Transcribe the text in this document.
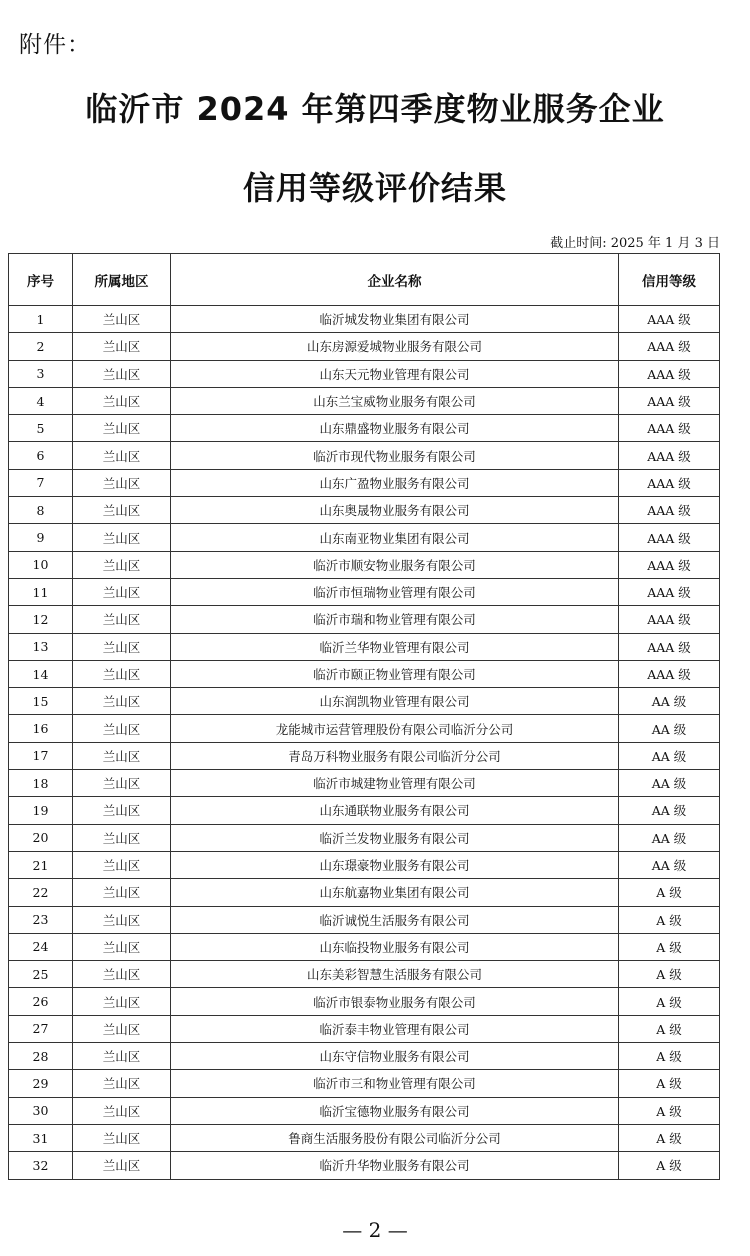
附件：
临沂市 2024 年第四季度物业服务企业
信用等级评价结果
截止时间: 2025 年 1 月 3 日
序号	所属地区	企业名称	信用等级
1	兰山区	临沂城发物业集团有限公司	AAA 级
2	兰山区	山东房源爱城物业服务有限公司	AAA 级
3	兰山区	山东天元物业管理有限公司	AAA 级
4	兰山区	山东兰宝威物业服务有限公司	AAA 级
5	兰山区	山东鼎盛物业服务有限公司	AAA 级
6	兰山区	临沂市现代物业服务有限公司	AAA 级
7	兰山区	山东广盈物业服务有限公司	AAA 级
8	兰山区	山东奥晟物业服务有限公司	AAA 级
9	兰山区	山东南亚物业集团有限公司	AAA 级
10	兰山区	临沂市顺安物业服务有限公司	AAA 级
11	兰山区	临沂市恒瑞物业管理有限公司	AAA 级
12	兰山区	临沂市瑞和物业管理有限公司	AAA 级
13	兰山区	临沂兰华物业管理有限公司	AAA 级
14	兰山区	临沂市颐正物业管理有限公司	AAA 级
15	兰山区	山东润凯物业管理有限公司	AA 级
16	兰山区	龙能城市运营管理股份有限公司临沂分公司	AA 级
17	兰山区	青岛万科物业服务有限公司临沂分公司	AA 级
18	兰山区	临沂市城建物业管理有限公司	AA 级
19	兰山区	山东通联物业服务有限公司	AA 级
20	兰山区	临沂兰发物业服务有限公司	AA 级
21	兰山区	山东璟豪物业服务有限公司	AA 级
22	兰山区	山东航嘉物业集团有限公司	A 级
23	兰山区	临沂诚悦生活服务有限公司	A 级
24	兰山区	山东临投物业服务有限公司	A 级
25	兰山区	山东美彩智慧生活服务有限公司	A 级
26	兰山区	临沂市银泰物业服务有限公司	A 级
27	兰山区	临沂泰丰物业管理有限公司	A 级
28	兰山区	山东守信物业服务有限公司	A 级
29	兰山区	临沂市三和物业管理有限公司	A 级
30	兰山区	临沂宝德物业服务有限公司	A 级
31	兰山区	鲁商生活服务股份有限公司临沂分公司	A 级
32	兰山区	临沂升华物业服务有限公司	A 级
— 2 —
